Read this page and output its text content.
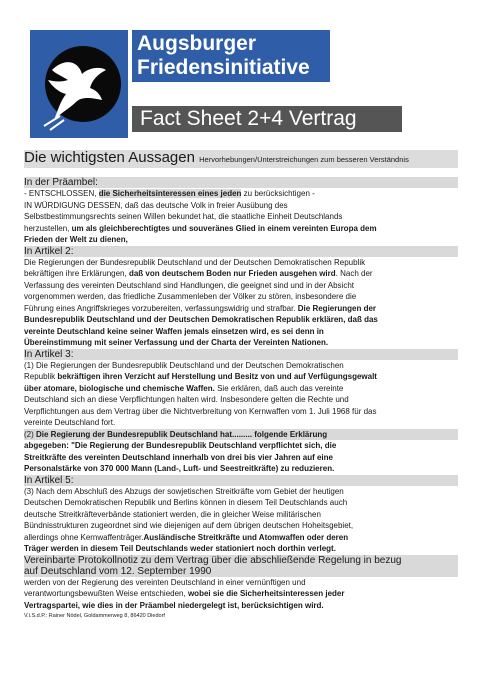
Augsburger
Friedensinitiative
Fact Sheet 2+4 Vertrag

Die wichtigsten Aussagen Hervorhebungen/Unterstreichungen zum besseren Verständnis

In der Präambel:

- ENTSCHLOSSEN, die Sicherheitsinteressen eines jeden zu berücksichtigen -
IN WÜRDIGUNG DESSEN, daß das deutsche Volk in freier Ausübung des
Selbstbestimmungsrechts seinen Willen bekundet hat, die staatliche Einheit Deutschlands
herzustellen, um als gleichberechtigtes und souveränes Glied in einem vereinten Europa dem
Frieden der Welt zu dienen,

In Artikel 2:

Die Regierungen der Bundesrepublik Deutschland und der Deutschen Demokratischen Republik
bekräftigen ihre Erklärungen, daß von deutschem Boden nur Frieden ausgehen wird. Nach der
Verfassung des vereinten Deutschland sind Handlungen, die geeignet sind und in der Absicht
vorgenommen werden, das friedliche Zusammenleben der Völker zu stören, insbesondere die
Führung eines Angriffskrieges vorzubereiten, verfassungswidrig und strafbar. Die Regierungen der
Bundesrepublik Deutschland und der Deutschen Demokratischen Republik erklären, daß das
vereinte Deutschland keine seiner Waffen jemals einsetzen wird, es sei denn in
Übereinstimmung mit seiner Verfassung und der Charta der Vereinten Nationen.

In Artikel 3:

(1) Die Regierungen der Bundesrepublik Deutschland und der Deutschen Demokratischen
Republik bekräftigen ihren Verzicht auf Herstellung und Besitz von und auf Verfügungsgewalt
über atomare, biologische und chemische Waffen. Sie erklären, daß auch das vereinte
Deutschland sich an diese Verpflichtungen halten wird. Insbesondere gelten die Rechte und
Verpflichtungen aus dem Vertrag über die Nichtverbreitung von Kernwaffen vom 1. Juli 1968 für das
vereinte Deutschland fort.
(2) Die Regierung der Bundesrepublik Deutschland hat......... folgende Erklärung
abgegeben: "Die Regierung der Bundesrepublik Deutschland verpflichtet sich, die
Streitkräfte des vereinten Deutschland innerhalb von drei bis vier Jahren auf eine
Personalstärke von 370 000 Mann (Land-, Luft- und Seestreitkräfte) zu reduzieren.

In Artikel 5:

(3) Nach dem Abschluß des Abzugs der sowjetischen Streitkräfte vom Gebiet der heutigen
Deutschen Demokratischen Republik und Berlins können in diesem Teil Deutschlands auch
deutsche Streitkräfteverbände stationiert werden, die in gleicher Weise militärischen
Bündnisstrukturen zugeordnet sind wie diejenigen auf dem übrigen deutschen Hoheitsgebiet,
allerdings ohne Kernwaffenträger.Ausländische Streitkräfte und Atomwaffen oder deren
Träger werden in diesem Teil Deutschlands weder stationiert noch dorthin verlegt.

Vereinbarte Protokollnotiz zu dem Vertrag über die abschließende Regelung in bezug
auf Deutschland vom 12. September 1990

werden von der Regierung des vereinten Deutschland in einer vernünftigen und
verantwortungsbewußten Weise entschieden, wobei sie die Sicherheitsinteressen jeder
Vertragspartei, wie dies in der Präambel niedergelegt ist, berücksichtigen wird.

V.i.S.d.P.: Rainer Nödel, Goldammerweg 8, 86420 Diedorf
